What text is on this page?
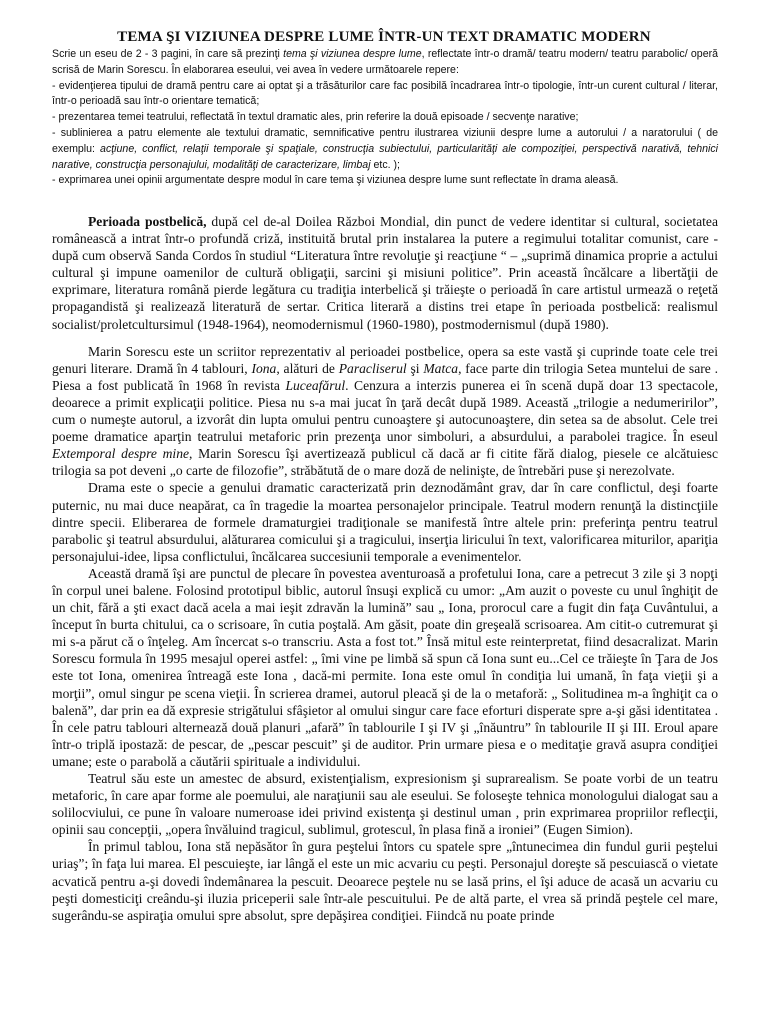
TEMA ŞI VIZIUNEA DESPRE LUME ÎNTR-UN TEXT DRAMATIC MODERN

Scrie un eseu de 2 - 3 pagini, în care să prezinţi tema şi viziunea despre lume, reflectate într-o dramă/ teatru modern/ teatru parabolic/ operă scrisă de Marin Sorescu. În elaborarea eseului, vei avea în vedere următoarele repere:

- evidenţierea tipului de dramă pentru care ai optat şi a trăsăturilor care fac posibilă încadrarea într-o tipologie, într-un curent cultural / literar, într-o perioadă sau într-o orientare tematică;

- prezentarea temei teatrului, reflectată în textul dramatic ales, prin referire la două episoade / secvenţe narative;

- sublinierea a patru elemente ale textului dramatic, semnificative pentru ilustrarea viziunii despre lume a autorului / a naratorului ( de exemplu: acţiune, conflict, relaţii temporale şi spaţiale, construcţia subiectului, particularităţi ale compoziţiei, perspectivă narativă, tehnici narative, construcţia personajului, modalităţi de caracterizare, limbaj etc. );

- exprimarea unei opinii argumentate despre modul în care tema şi viziunea despre lume sunt reflectate în drama aleasă.

Perioada postbelică, după cel de-al Doilea Război Mondial, din punct de vedere identitar si cultural, societatea românească a intrat într-o profundă criză, instituită brutal prin instalarea la putere a regimului totalitar comunist, care - după cum observă Sanda Cordos în studiul “Literatura între revoluţie şi reacţiune “ – „suprimă dinamica proprie a actului cultural şi impune oamenilor de cultură obligaţii, sarcini şi misiuni politice”. Prin această încălcare a libertăţii de exprimare, literatura română pierde legătura cu tradiţia interbelică şi trăieşte o perioadă în care artistul urmează o reţetă propagandistă şi realizează literatură de sertar. Critica literară a distins trei etape în perioada postbelică: realismul socialist/proletcultursimul (1948-1964), neomodernismul (1960-1980), postmodernismul (după 1980).

Marin Sorescu este un scriitor reprezentativ al perioadei postbelice, opera sa este vastă şi cuprinde toate cele trei genuri literare. Dramă în 4 tablouri, Iona, alături de Paracliserul şi Matca, face parte din trilogia Setea muntelui de sare . Piesa a fost publicată în 1968 în revista Luceafărul. Cenzura a interzis punerea ei în scenă după doar 13 spectacole, deoarece a primit explicaţii politice. Piesa nu s-a mai jucat în ţară decât după 1989. Această „trilogie a nedumeririlor”, cum o numeşte autorul, a izvorât din lupta omului pentru cunoaştere şi autocunoaştere, din setea sa de absolut. Cele trei poeme dramatice aparţin teatrului metaforic prin prezenţa unor simboluri, a absurdului, a parabolei tragice. În eseul Extemporal despre mine, Marin Sorescu îşi avertizează publicul că dacă ar fi citite fără dialog, piesele ce alcătuiesc trilogia sa pot deveni „o carte de filozofie”, străbătută de o mare doză de nelinişte, de întrebări puse şi nerezolvate.

Drama este o specie a genului dramatic caracterizată prin deznodământ grav, dar în care conflictul, deşi foarte puternic, nu mai duce neapărat, ca în tragedie la moartea personajelor principale. Teatrul modern renunţă la distincţiile dintre specii. Eliberarea de formele dramaturgiei tradiţionale se manifestă între altele prin: preferinţa pentru teatrul parabolic şi teatrul absurdului, alăturarea comicului şi a tragicului, inserţia liricului în text, valorificarea miturilor, apariţia personajului-idee, lipsa conflictului, încălcarea succesiunii temporale a evenimentelor.

Această dramă îşi are punctul de plecare în povestea aventuroasă a profetului Iona, care a petrecut 3 zile şi 3 nopţi în corpul unei balene. Folosind prototipul biblic, autorul însuşi explică cu umor: „Am auzit o poveste cu unul înghiţit de un chit, fără a şti exact dacă acela a mai ieşit zdravăn la lumină” sau „ Iona, prorocul care a fugit din faţa Cuvântului, a început în burta chitului, ca o scrisoare, în cutia poştală. Am găsit, poate din greşeală scrisoarea. Am citit-o cutremurat şi mi s-a părut că o înţeleg. Am încercat s-o transcriu. Asta a fost tot.” Însă mitul este reinterpretat, fiind desacralizat. Marin Sorescu formula în 1995 mesajul operei astfel: „ îmi vine pe limbă să spun că Iona sunt eu...Cel ce trăieşte în Ţara de Jos este tot Iona, omenirea întreagă este Iona , dacă-mi permite. Iona este omul în condiţia lui umană, în faţa vieţii şi a morţii”, omul singur pe scena vieţii. În scrierea dramei, autorul pleacă şi de la o metaforă: „ Solitudinea m-a înghiţit ca o balenă”, dar prin ea dă expresie strigătului sfâşietor al omului singur care face eforturi disperate spre a-şi găsi identitatea . În cele patru tablouri alternează două planuri „afară” în tablourile I şi IV şi „înăuntru” în tablourile II şi III. Eroul apare într-o triplă ipostază: de pescar, de „pescar pescuit” şi de auditor. Prin urmare piesa e o meditaţie gravă asupra condiţiei umane; este o parabolă a căutării spirituale a individului.

Teatrul său este un amestec de absurd, existenţialism, expresionism şi suprarealism. Se poate vorbi de un teatru metaforic, în care apar forme ale poemului, ale naraţiunii sau ale eseului. Se foloseşte tehnica monologului dialogat sau a solilocviului, ce pune în valoare numeroase idei privind existenţa şi destinul uman , prin exprimarea propriilor reflecţii, opinii sau concepţii, „opera învăluind tragicul, sublimul, grotescul, în plasa fină a ironiei” (Eugen Simion).

În primul tablou, Iona stă nepăsător în gura peştelui întors cu spatele spre „întunecimea din fundul gurii peştelui uriaş”; în faţa lui marea. El pescuieşte, iar lângă el este un mic acvariu cu peşti. Personajul doreşte să pescuiască o vietate acvatică pentru a-şi dovedi îndemânarea la pescuit. Deoarece peştele nu se lasă prins, el îşi aduce de acasă un acvariu cu peşti domesticiţi creându-şi iluzia priceperii sale într-ale pescuitului. Pe de altă parte, el vrea să prindă peştele cel mare, sugerându-se aspiraţia omului spre absolut, spre depăşirea condiţiei. Fiindcă nu poate prinde
